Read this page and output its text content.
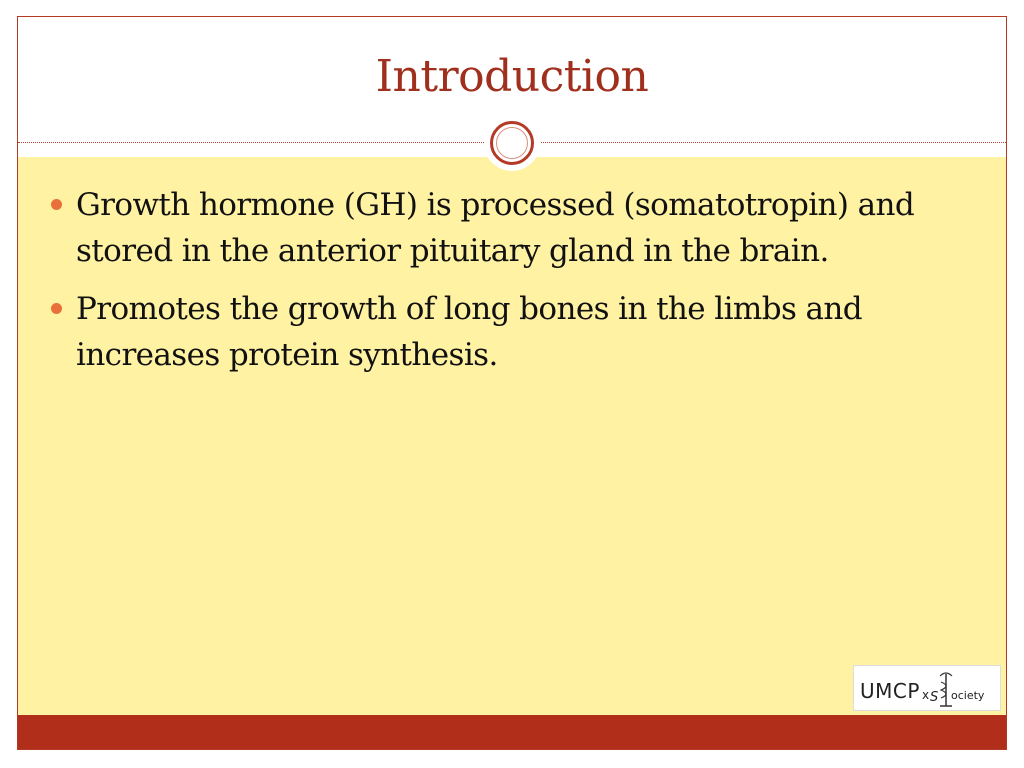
Introduction
Growth hormone (GH) is processed (somatotropin) and stored in the anterior pituitary gland in the brain.
Promotes the growth of long bones in the limbs and increases protein synthesis.
UMCP x S ociety
